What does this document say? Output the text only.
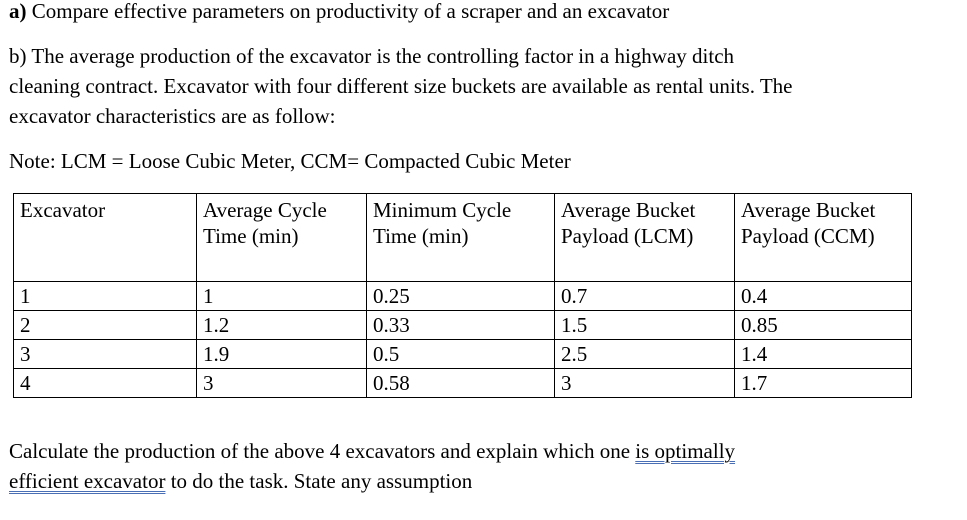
a) Compare effective parameters on productivity of a scraper and an excavator

b) The average production of the excavator is the controlling factor in a highway ditch

cleaning contract. Excavator with four different size buckets are available as rental units. The

excavator characteristics are as follow:

Note: LCM = Loose Cubic Meter, CCM= Compacted Cubic Meter

Excavator	Average Cycle Time (min)	Minimum Cycle Time (min)	Average Bucket Payload (LCM)	Average Bucket Payload (CCM)
1	1	0.25	0.7	0.4
2	1.2	0.33	1.5	0.85
3	1.9	0.5	2.5	1.4
4	3	0.58	3	1.7

Calculate the production of the above 4 excavators and explain which one is optimally

efficient excavator to do the task. State any assumption
